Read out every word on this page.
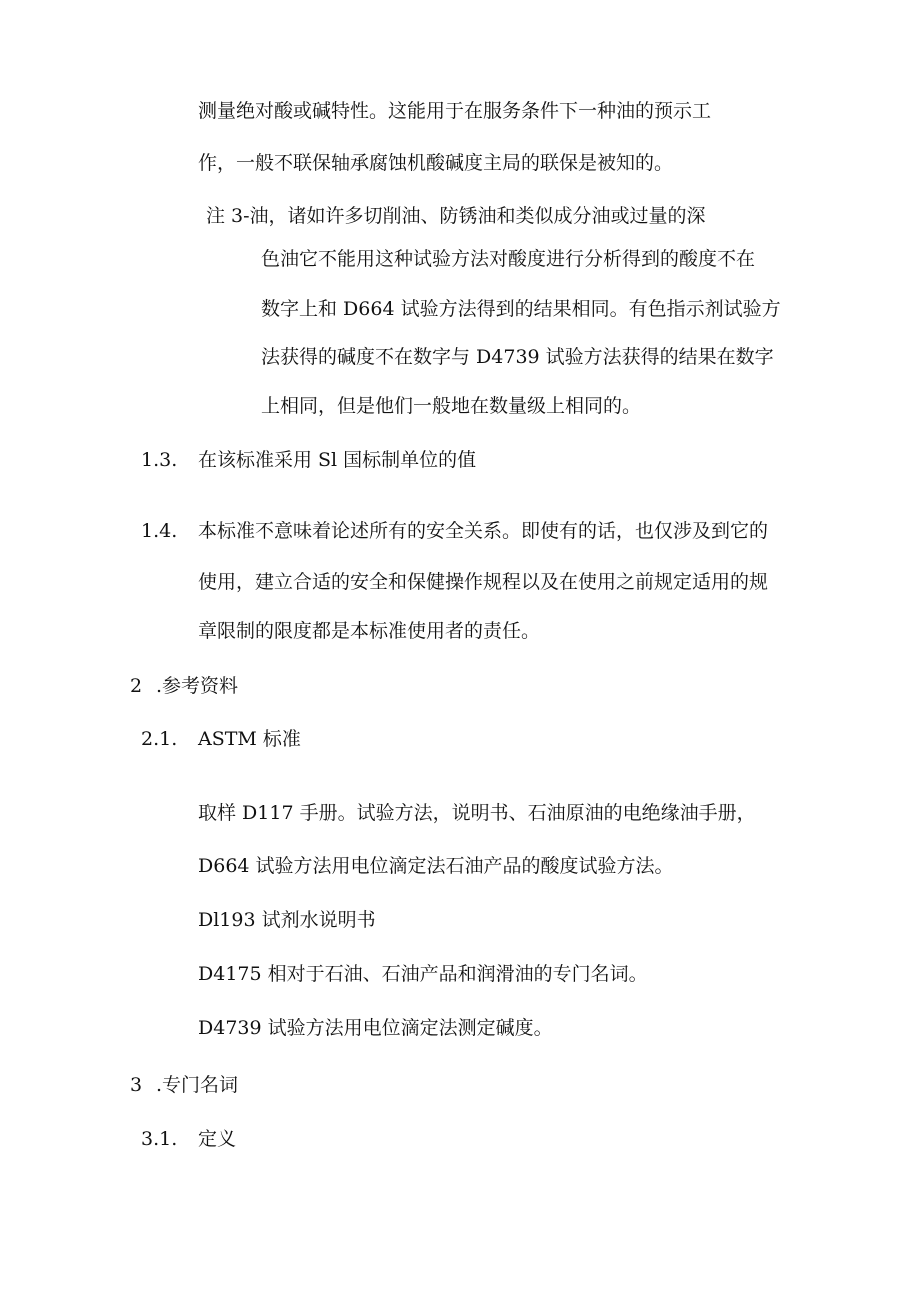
测量绝对酸或碱特性。这能用于在服务条件下一种油的预示工
作，一般不联保轴承腐蚀机酸碱度主局的联保是被知的。
注 3-油，诸如许多切削油、防锈油和类似成分油或过量的深
色油它不能用这种试验方法对酸度进行分析得到的酸度不在
数字上和 D664 试验方法得到的结果相同。有色指示剂试验方
法获得的碱度不在数字与 D4739 试验方法获得的结果在数字
上相同，但是他们一般地在数量级上相同的。
1.3. 在该标准采用 Sl 国标制单位的值
1.4. 本标准不意味着论述所有的安全关系。即使有的话，也仅涉及到它的
使用，建立合适的安全和保健操作规程以及在使用之前规定适用的规
章限制的限度都是本标准使用者的责任。
2 .参考资料
2.1. ASTM 标准
取样 D117 手册。试验方法，说明书、石油原油的电绝缘油手册，
D664 试验方法用电位滴定法石油产品的酸度试验方法。
Dl193 试剂水说明书
D4175 相对于石油、石油产品和润滑油的专门名词。
D4739 试验方法用电位滴定法测定碱度。
3 .专门名词
3.1. 定义
